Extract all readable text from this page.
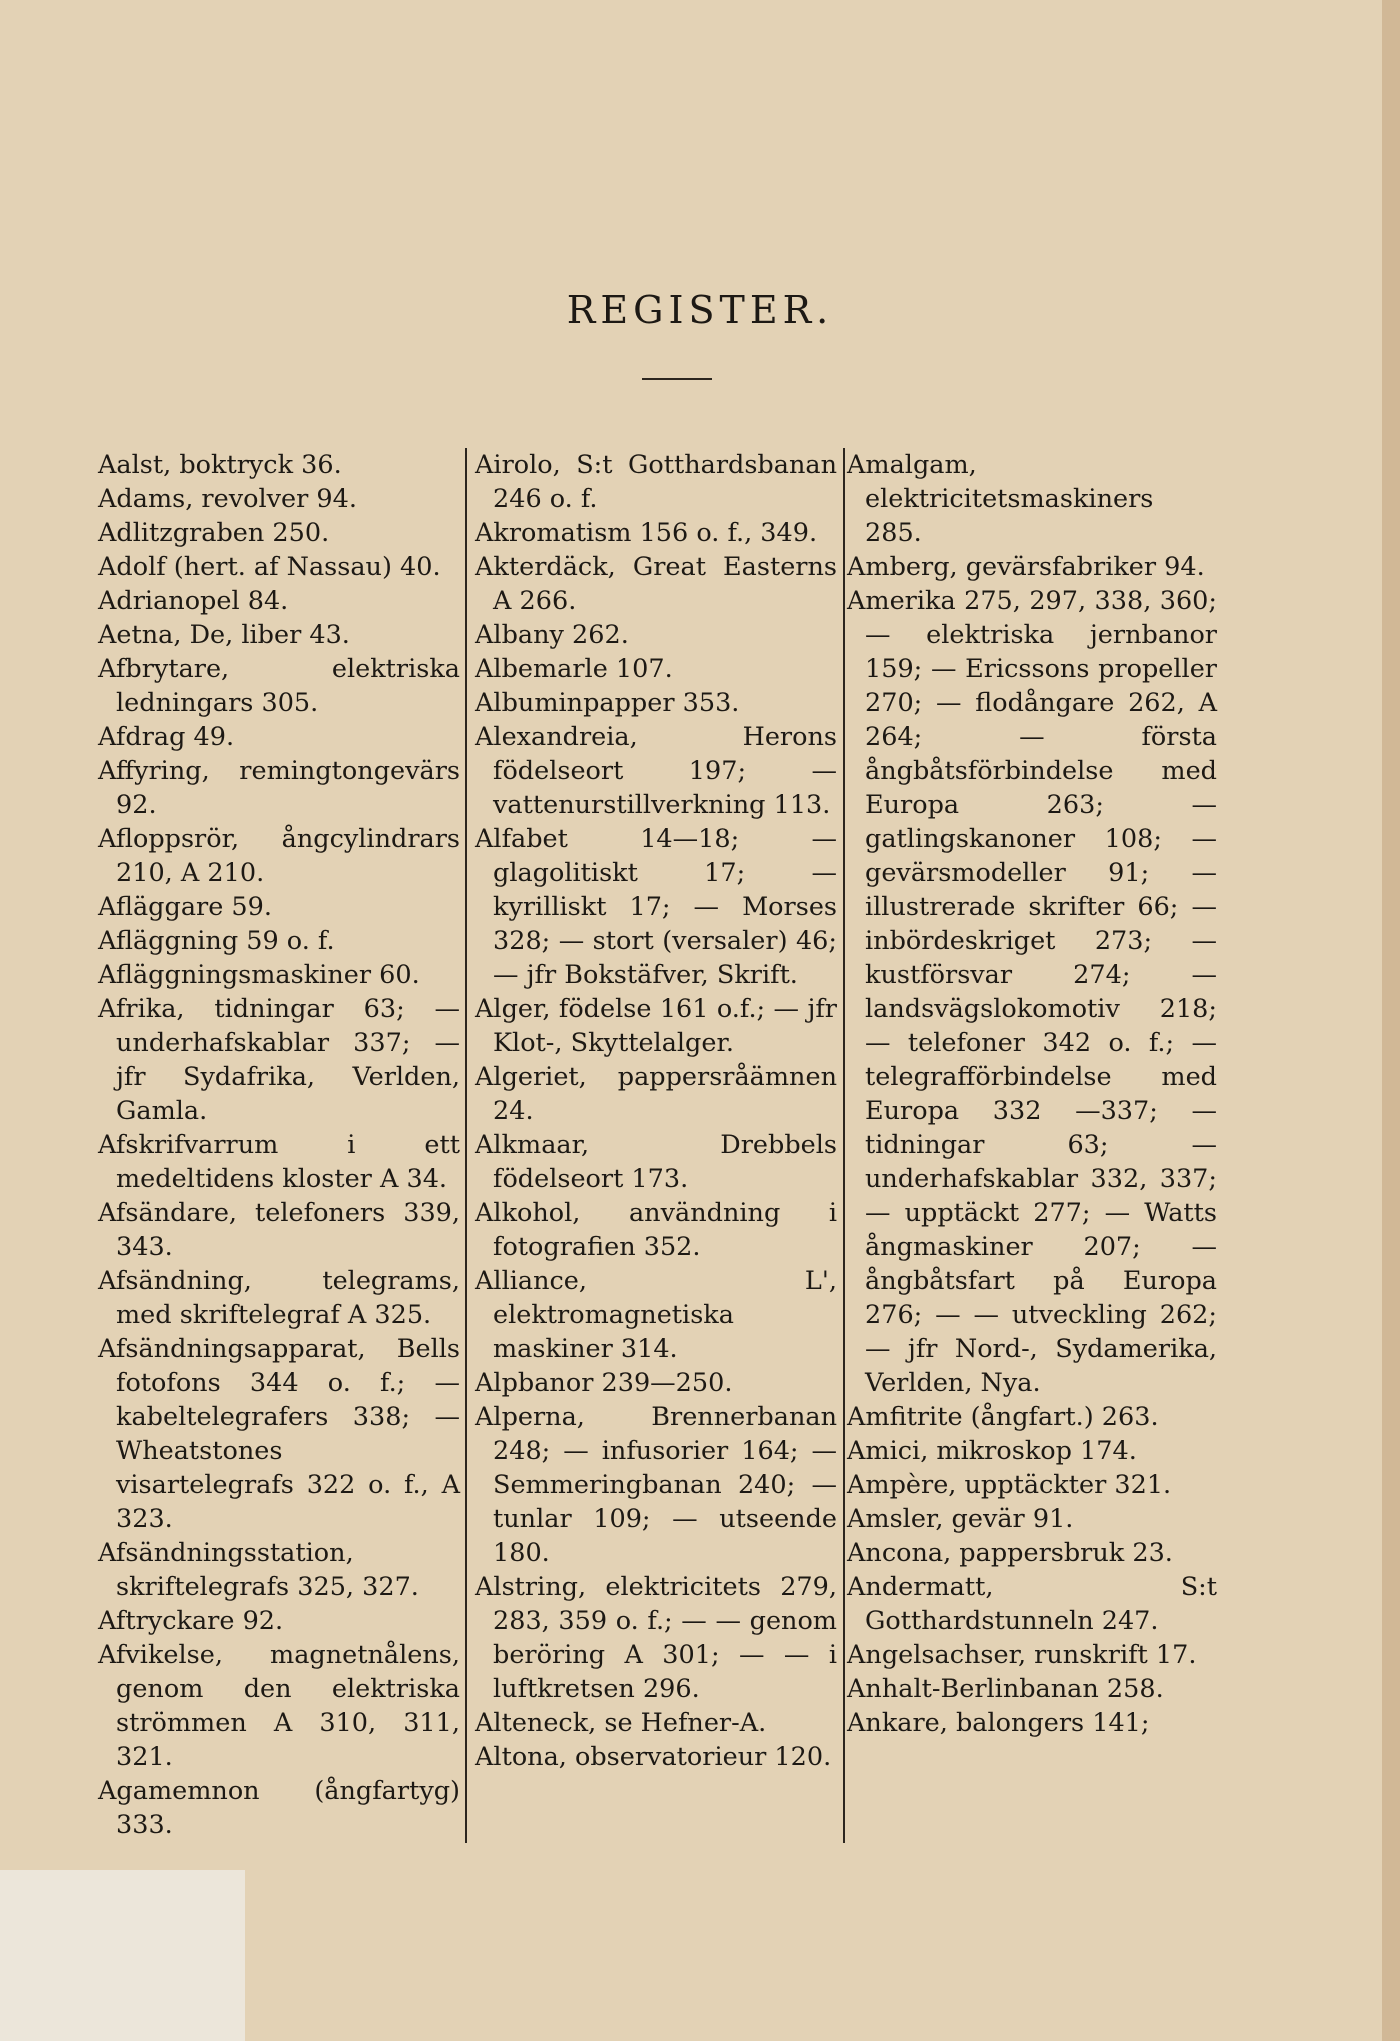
REGISTER.
Aalst, boktryck 36.
Adams, revolver 94.
Adlitzgraben 250.
Adolf (hert. af Nassau) 40.
Adrianopel 84.
Aetna, De, liber 43.
Afbrytare, elektriska ledningars 305.
Afdrag 49.
Affyring, remingtongevärs 92.
Afloppsrör, ångcylindrars 210, A 210.
Afläggare 59.
Afläggning 59 o. f.
Afläggningsmaskiner 60.
Afrika, tidningar 63; — underhafskablar 337; — jfr Sydafrika, Verlden, Gamla.
Afskrifvarrum i ett medeltidens kloster A 34.
Afsändare, telefoners 339, 343.
Afsändning, telegrams, med skriftelegraf A 325.
Afsändningsapparat, Bells fotofons 344 o. f.; — kabeltelegrafers 338; — Wheatstones visartelegrafs 322 o. f., A 323.
Afsändningsstation, skriftelegrafs 325, 327.
Aftryckare 92.
Afvikelse, magnetnålens, genom den elektriska strömmen A 310, 311, 321.
Agamemnon (ångfartyg) 333.
Airolo, S:t Gotthardsbanan 246 o. f.
Akromatism 156 o. f., 349.
Akterdäck, Great Easterns A 266.
Albany 262.
Albemarle 107.
Albuminpapper 353.
Alexandreia, Herons födelseort 197; — vattenurstillverkning 113.
Alfabet 14—18; — glagolitiskt 17; — kyrilliskt 17; — Morses 328; — stort (versaler) 46; — jfr Bokstäfver, Skrift.
Alger, födelse 161 o.f.; — jfr Klot-, Skyttelalger.
Algeriet, pappersråämnen 24.
Alkmaar, Drebbels födelseort 173.
Alkohol, användning i fotografien 352.
Alliance, L', elektromagnetiska maskiner 314.
Alpbanor 239—250.
Alperna, Brennerbanan 248; — infusorier 164; — Semmeringbanan 240; — tunlar 109; — utseende 180.
Alstring, elektricitets 279, 283, 359 o. f.; — — genom beröring A 301; — — i luftkretsen 296.
Alteneck, se Hefner-A.
Altona, observatorieur 120.
Amalgam, elektricitetsmaskiners 285.
Amberg, gevärsfabriker 94.
Amerika 275, 297, 338, 360; — elektriska jernbanor 159; — Ericssons propeller 270; — flodångare 262, A 264; — första ångbåtsförbindelse med Europa 263; — gatlingskanoner 108; — gevärsmodeller 91; — illustrerade skrifter 66; — inbördeskriget 273; — kustförsvar 274; — landsvägslokomotiv 218; — telefoner 342 o. f.; — telegrafförbindelse med Europa 332 —337; — tidningar 63; — underhafskablar 332, 337; — upptäckt 277; — Watts ångmaskiner 207; — ångbåtsfart på Europa 276; — — utveckling 262; — jfr Nord-, Sydamerika, Verlden, Nya.
Amfitrite (ångfart.) 263.
Amici, mikroskop 174.
Ampère, upptäckter 321.
Amsler, gevär 91.
Ancona, pappersbruk 23.
Andermatt, S:t Gotthardstunneln 247.
Angelsachser, runskrift 17.
Anhalt-Berlinbanan 258.
Ankare, balongers 141;
